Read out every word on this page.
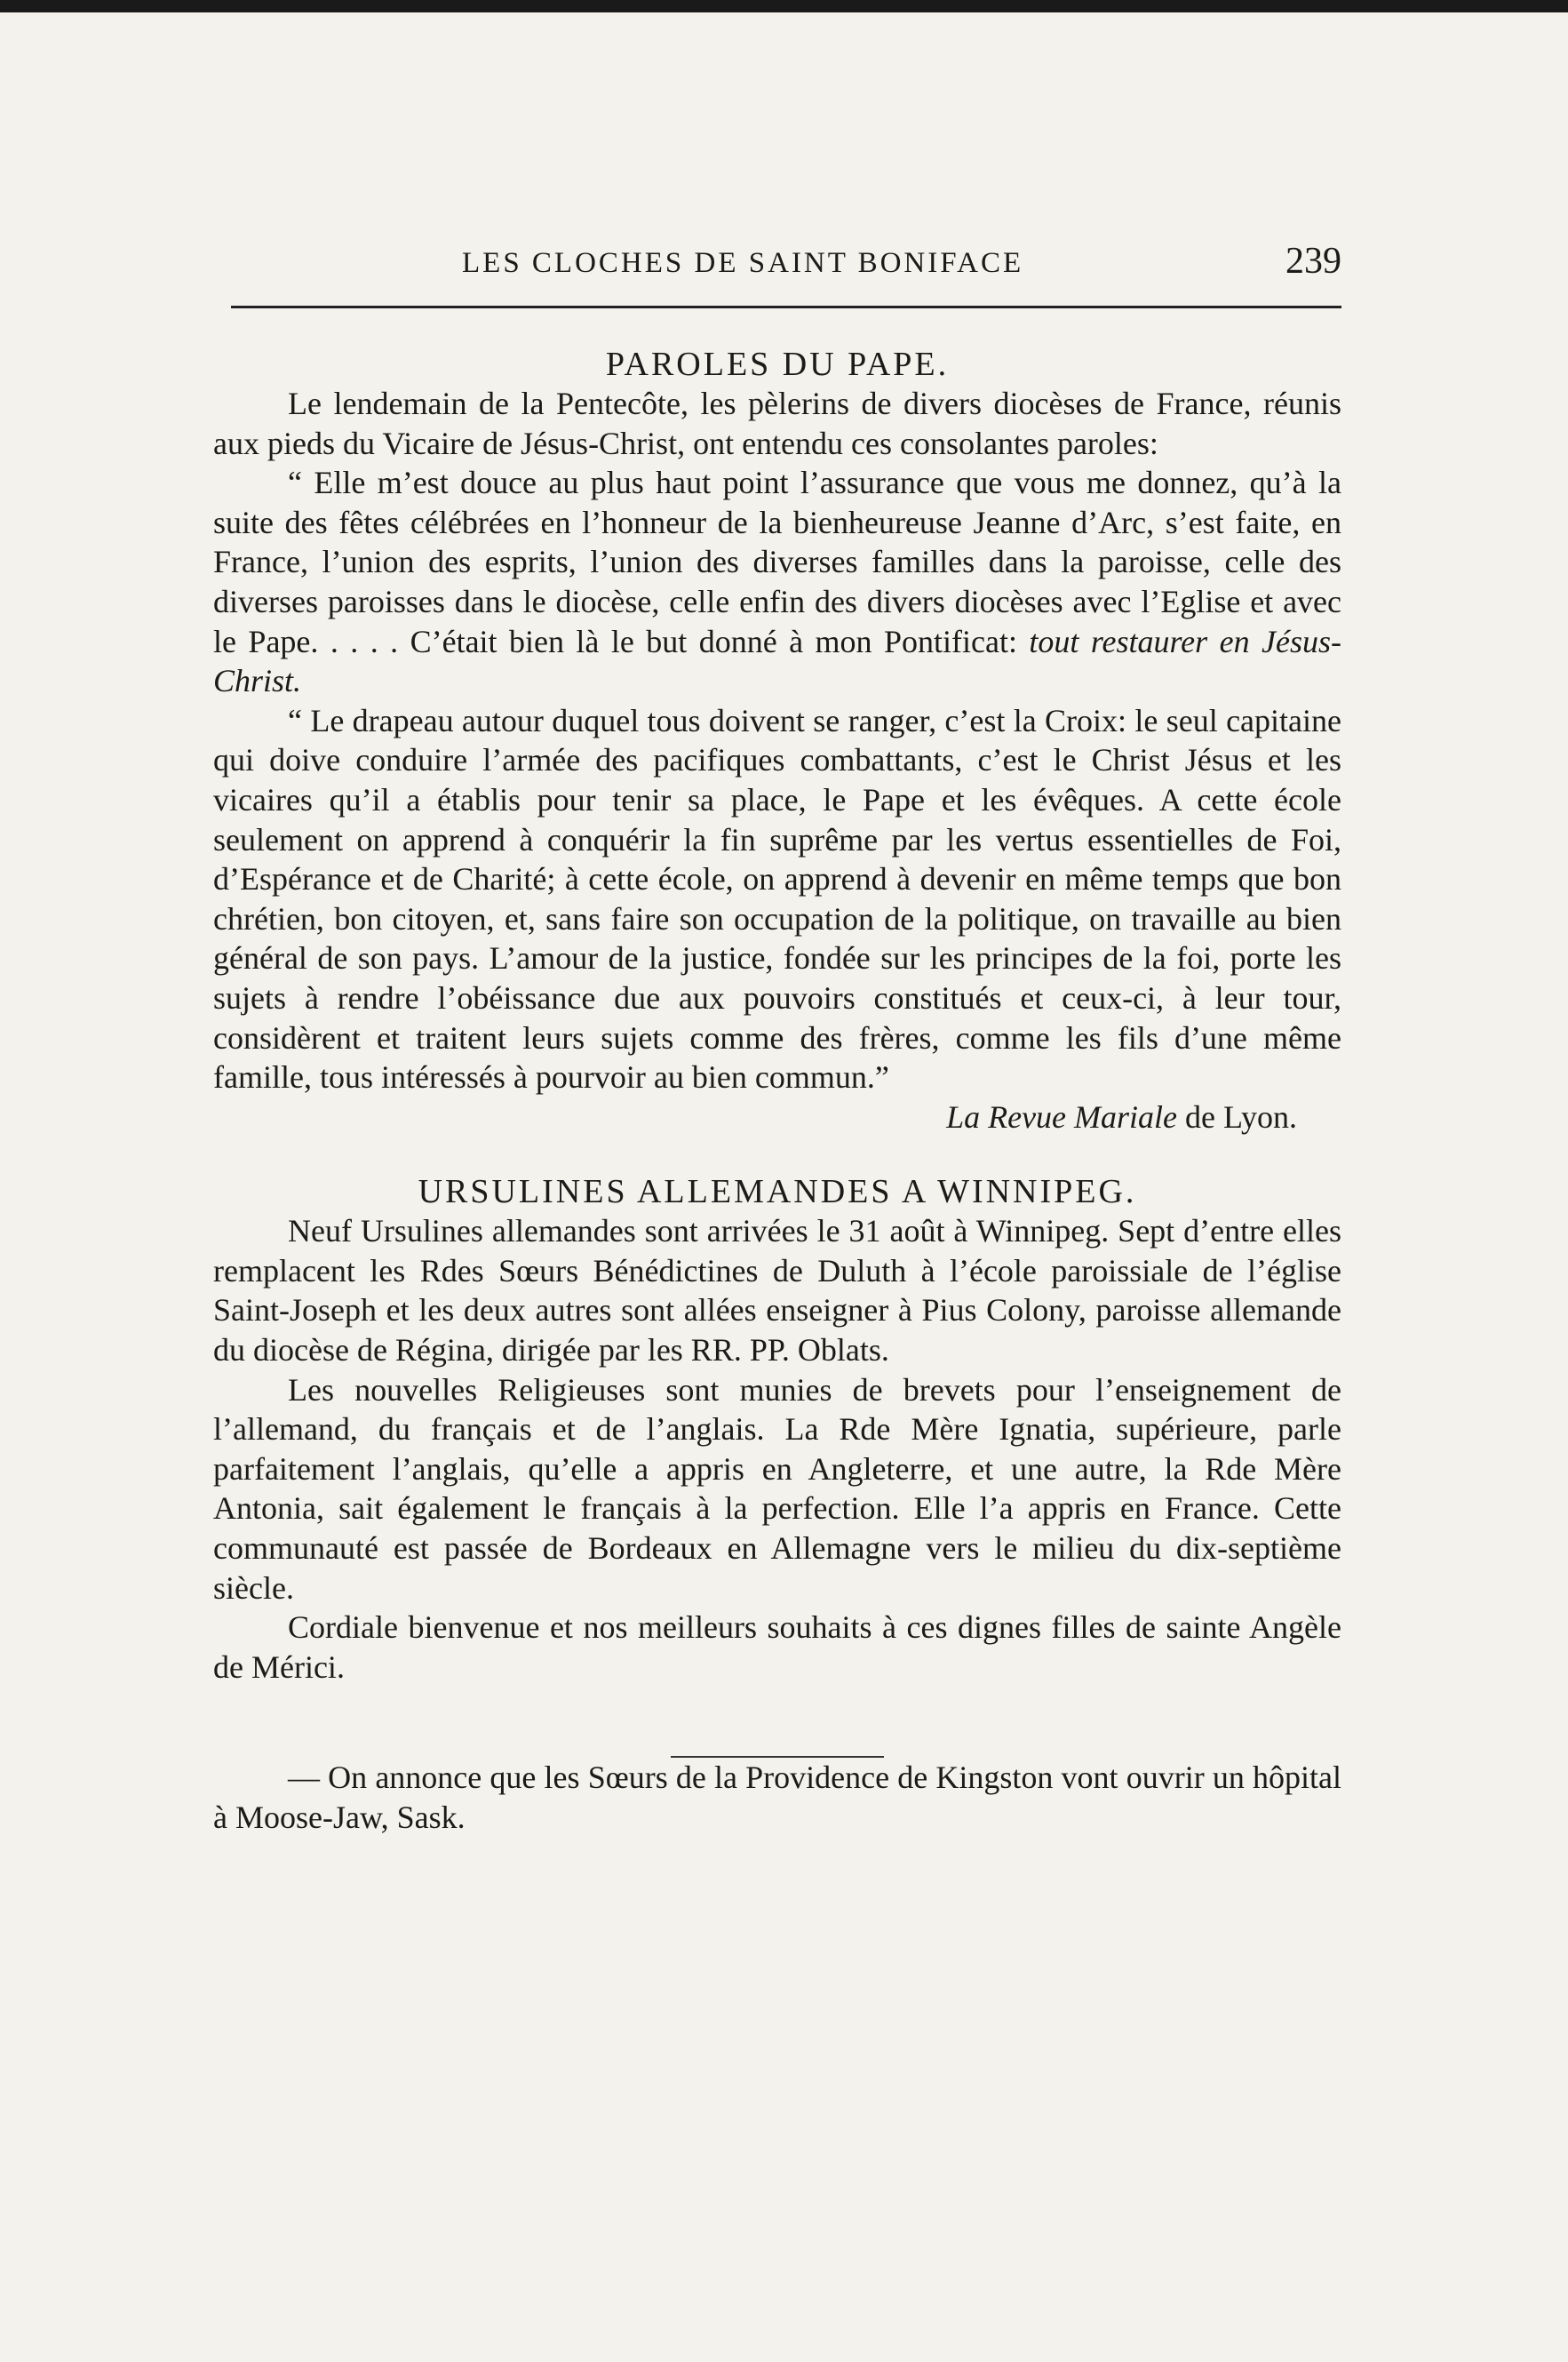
LES CLOCHES DE SAINT BONIFACE	239
PAROLES DU PAPE.

Le lendemain de la Pentecôte, les pèlerins de divers diocèses de France, réunis aux pieds du Vicaire de Jésus-Christ, ont entendu ces consolantes paroles:

“ Elle m’est douce au plus haut point l’assurance que vous me donnez, qu’à la suite des fêtes célébrées en l’honneur de la bienheureuse Jeanne d’Arc, s’est faite, en France, l’union des esprits, l’union des diverses familles dans la paroisse, celle des diverses paroisses dans le diocèse, celle enfin des divers diocèses avec l’Eglise et avec le Pape. . . . . C’était bien là le but donné à mon Pontificat: tout restaurer en Jésus-Christ.

“ Le drapeau autour duquel tous doivent se ranger, c’est la Croix: le seul capitaine qui doive conduire l’armée des pacifiques combattants, c’est le Christ Jésus et les vicaires qu’il a établis pour tenir sa place, le Pape et les évêques. A cette école seulement on apprend à conquérir la fin suprême par les vertus essentielles de Foi, d’Espérance et de Charité; à cette école, on apprend à devenir en même temps que bon chrétien, bon citoyen, et, sans faire son occupation de la politique, on travaille au bien général de son pays. L’amour de la justice, fondée sur les principes de la foi, porte les sujets à rendre l’obéissance due aux pouvoirs constitués et ceux-ci, à leur tour, considèrent et traitent leurs sujets comme des frères, comme les fils d’une même famille, tous intéressés à pourvoir au bien commun.”

La Revue Mariale de Lyon.

URSULINES ALLEMANDES A WINNIPEG.

Neuf Ursulines allemandes sont arrivées le 31 août à Winnipeg. Sept d’entre elles remplacent les Rdes Sœurs Bénédictines de Duluth à l’école paroissiale de l’église Saint-Joseph et les deux autres sont allées enseigner à Pius Colony, paroisse allemande du diocèse de Régina, dirigée par les RR. PP. Oblats.

Les nouvelles Religieuses sont munies de brevets pour l’enseignement de l’allemand, du français et de l’anglais. La Rde Mère Ignatia, supérieure, parle parfaitement l’anglais, qu’elle a appris en Angleterre, et une autre, la Rde Mère Antonia, sait également le français à la perfection. Elle l’a appris en France. Cette communauté est passée de Bordeaux en Allemagne vers le milieu du dix-septième siècle.

Cordiale bienvenue et nos meilleurs souhaits à ces dignes filles de sainte Angèle de Mérici.

— On annonce que les Sœurs de la Providence de Kingston vont ouvrir un hôpital à Moose-Jaw, Sask.
